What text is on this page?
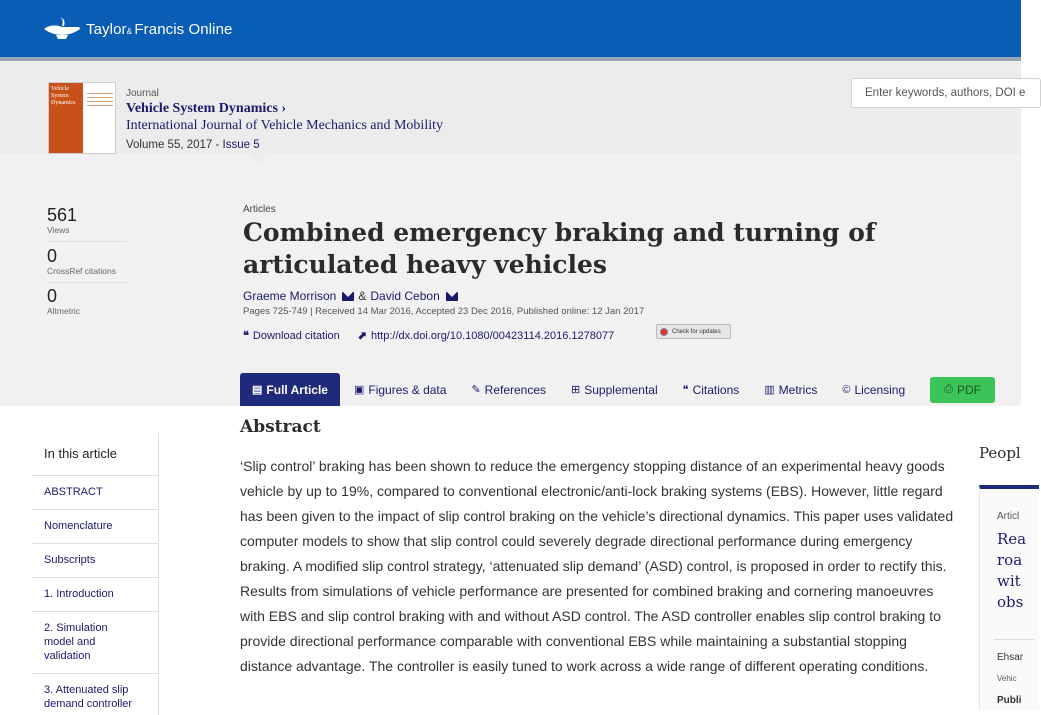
Taylor& Francis Online
Vehicle System Dynamics
Journal
Vehicle System Dynamics ›
International Journal of Vehicle Mechanics and Mobility
Volume 55, 2017 - Issue 5
Enter keywords, authors, DOI e
561
Views
0
CrossRef citations
0
Altmetric
Articles
Combined emergency braking and turning of articulated heavy vehicles
Graeme Morrison & David Cebon
Pages 725-749 | Received 14 Mar 2016, Accepted 23 Dec 2016, Published online: 12 Jan 2017
❝ Download citation ⬈ http://dx.doi.org/10.1080/00423114.2016.1278077	Check for updates
▤ Full Article ▣ Figures & data ✎ References ⊞ Supplemental ❝ Citations ▥ Metrics © Licensing	⎙ PDF
In this article
ABSTRACT
Nomenclature
Subscripts
1. Introduction
2. Simulation model and validation
3. Attenuated slip demand controller
Abstract
‘Slip control’ braking has been shown to reduce the emergency stopping distance of an experimental heavy goods vehicle by up to 19%, compared to conventional electronic/anti-lock braking systems (EBS). However, little regard has been given to the impact of slip control braking on the vehicle’s directional dynamics. This paper uses validated computer models to show that slip control could severely degrade directional performance during emergency braking. A modified slip control strategy, ‘attenuated slip demand’ (ASD) control, is proposed in order to rectify this. Results from simulations of vehicle performance are presented for combined braking and cornering manoeuvres with EBS and slip control braking with and without ASD control. The ASD controller enables slip control braking to provide directional performance comparable with conventional EBS while maintaining a substantial stopping distance advantage. The controller is easily tuned to work across a wide range of different operating conditions.
Peopl
Articl
Rea
roa
wit
obs
Ehsar
Vehic
Publi
